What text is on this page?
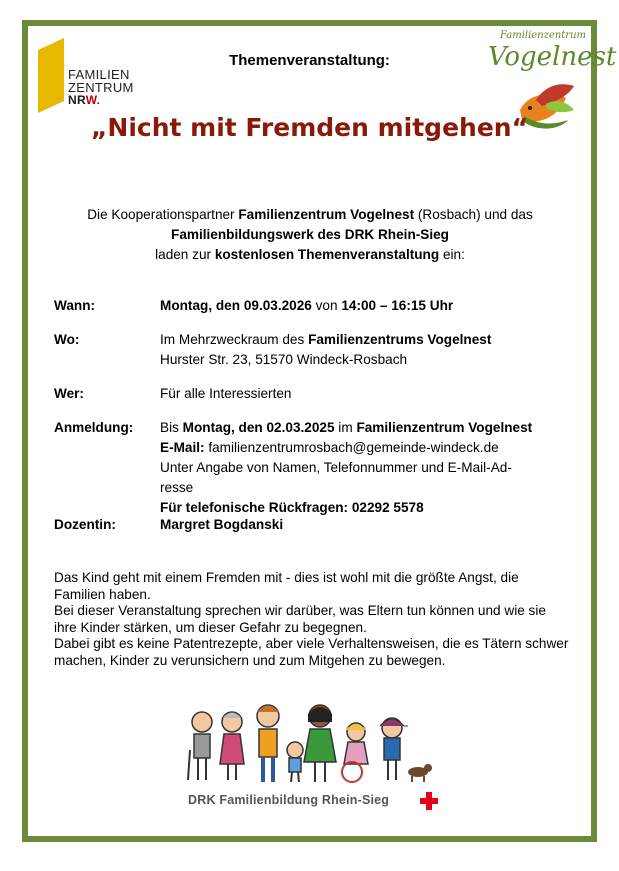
FAMILIEN
ZENTRUM
NRW.
Familienzentrum
Vogelnest
Themenveranstaltung:
„Nicht mit Fremden mitgehen“
Die Kooperationspartner Familienzentrum Vogelnest (Rosbach) und das
Familienbildungswerk des DRK Rhein-Sieg
laden zur kostenlosen Themenveranstaltung ein:
Wann:	Montag, den 09.03.2026 von 14:00 – 16:15 Uhr
Wo:	Im Mehrzweckraum des Familienzentrums Vogelnest
Hurster Str. 23, 51570 Windeck-Rosbach
Wer:	Für alle Interessierten
Anmeldung:	Bis Montag, den 02.03.2025 im Familienzentrum Vogelnest
E-Mail: familienzentrumrosbach@gemeinde-windeck.de
Unter Angabe von Namen, Telefonnummer und E-Mail-Ad-
resse
Für telefonische Rückfragen: 02292 5578
Dozentin:	Margret Bogdanski
Das Kind geht mit einem Fremden mit - dies ist wohl mit die größte Angst, die Familien haben.
Bei dieser Veranstaltung sprechen wir darüber, was Eltern tun können und wie sie ihre Kinder stärken, um dieser Gefahr zu begegnen.
Dabei gibt es keine Patentrezepte, aber viele Verhaltensweisen, die es Tätern schwer machen, Kinder zu verunsichern und zum Mitgehen zu bewegen.
DRK Familienbildung Rhein-Sieg
